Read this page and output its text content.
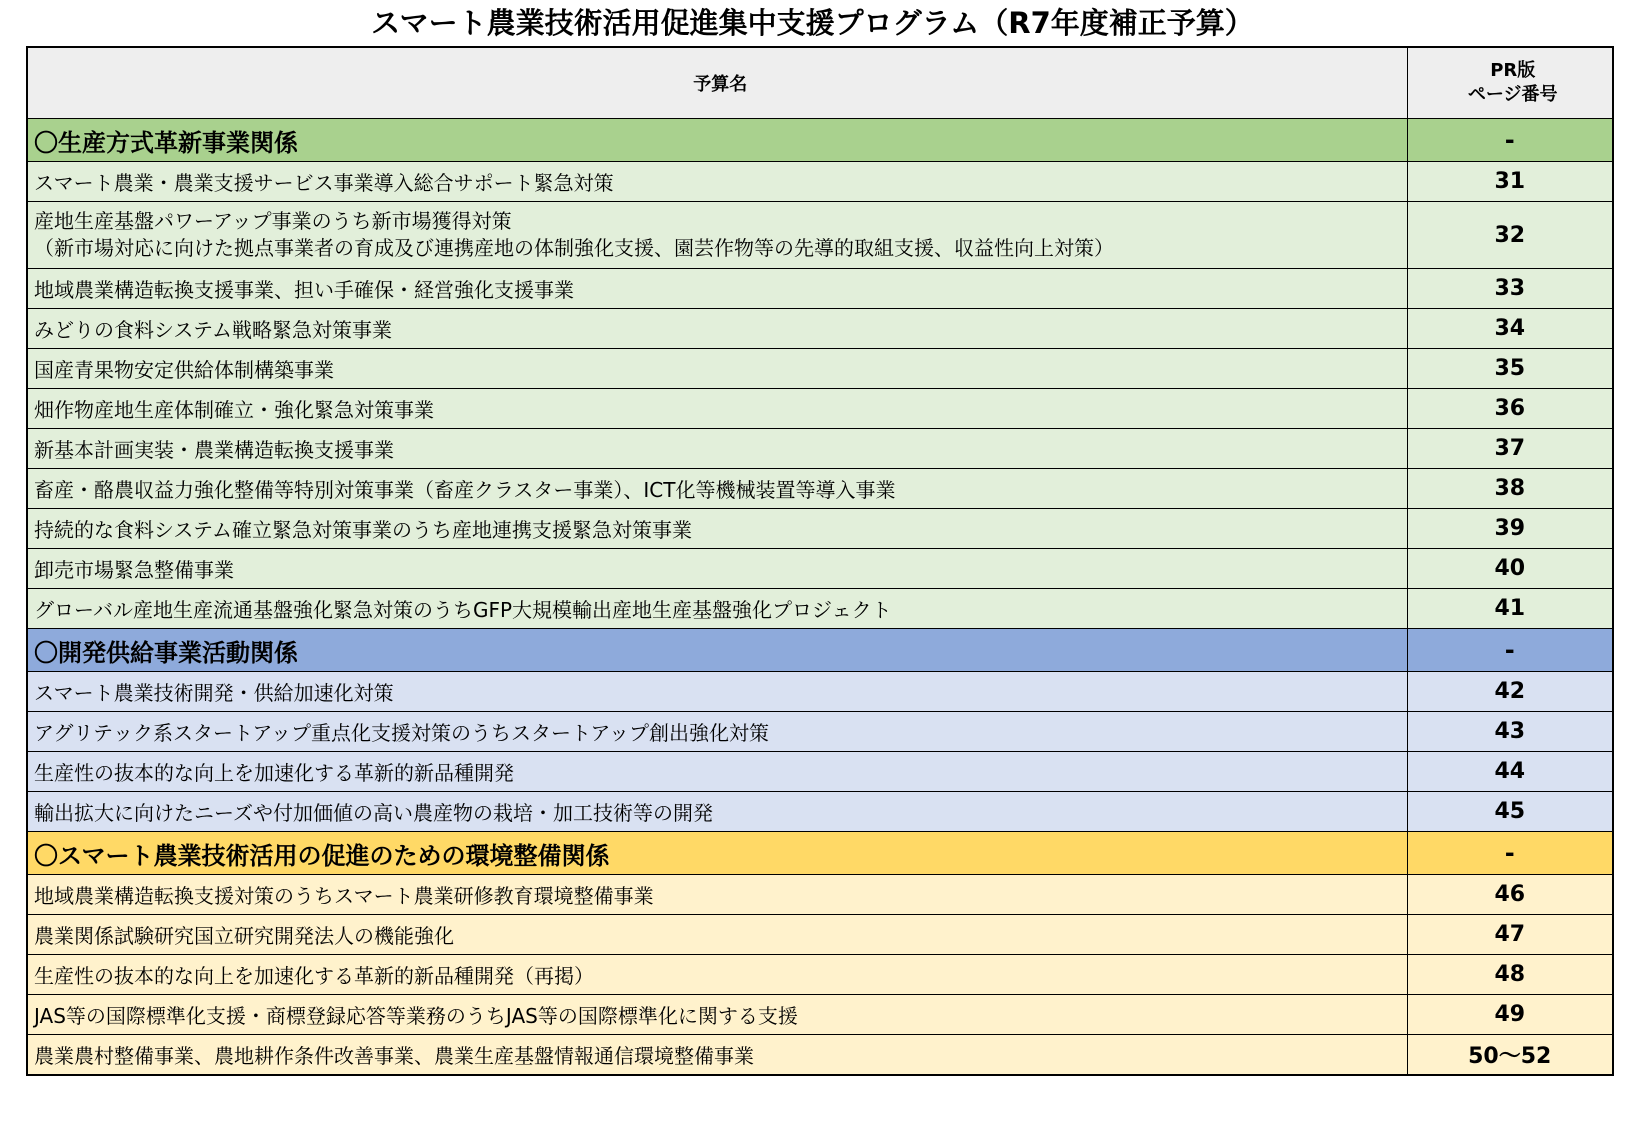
スマート農業技術活用促進集中支援プログラム（R7年度補正予算）
予算名	PR版
ページ番号

〇生産方式革新事業関係	-

スマート農業・農業支援サービス事業導入総合サポート緊急対策	31

産地生産基盤パワーアップ事業のうち新市場獲得対策
（新市場対応に向けた拠点事業者の育成及び連携産地の体制強化支援、園芸作物等の先導的取組支援、収益性向上対策）	32

地域農業構造転換支援事業、担い手確保・経営強化支援事業	33

みどりの食料システム戦略緊急対策事業	34

国産青果物安定供給体制構築事業	35

畑作物産地生産体制確立・強化緊急対策事業	36

新基本計画実装・農業構造転換支援事業	37

畜産・酪農収益力強化整備等特別対策事業（畜産クラスター事業）、ICT化等機械装置等導入事業	38

持続的な食料システム確立緊急対策事業のうち産地連携支援緊急対策事業	39

卸売市場緊急整備事業	40

グローバル産地生産流通基盤強化緊急対策のうちGFP大規模輸出産地生産基盤強化プロジェクト	41
〇開発供給事業活動関係	-

スマート農業技術開発・供給加速化対策	42

アグリテック系スタートアップ重点化支援対策のうちスタートアップ創出強化対策	43

生産性の抜本的な向上を加速化する革新的新品種開発	44

輸出拡大に向けたニーズや付加価値の高い農産物の栽培・加工技術等の開発	45
〇スマート農業技術活用の促進のための環境整備関係	-

地域農業構造転換支援対策のうちスマート農業研修教育環境整備事業	46

農業関係試験研究国立研究開発法人の機能強化	47

生産性の抜本的な向上を加速化する革新的新品種開発（再掲）	48

JAS等の国際標準化支援・商標登録応答等業務のうちJAS等の国際標準化に関する支援	49

農業農村整備事業、農地耕作条件改善事業、農業生産基盤情報通信環境整備事業	50～52
